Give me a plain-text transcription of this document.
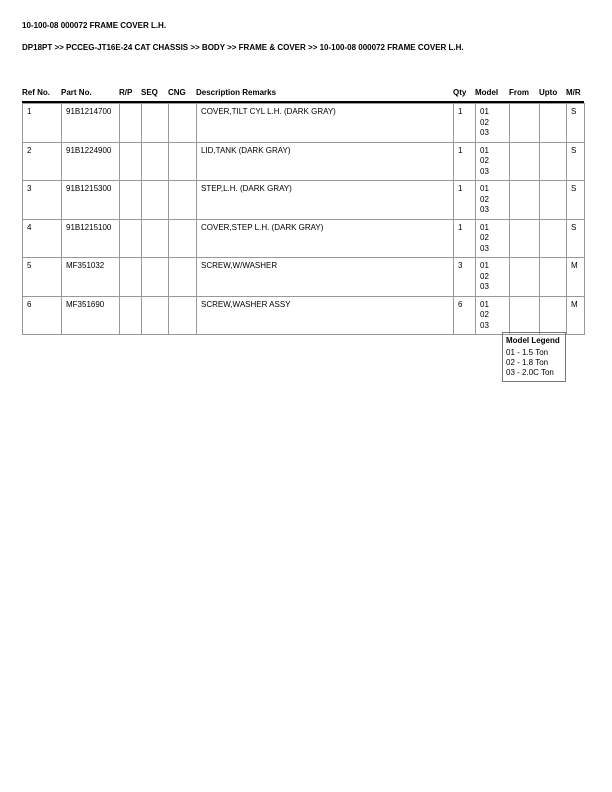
10-100-08 000072 FRAME COVER L.H.
DP18PT >> PCCEG-JT16E-24 CAT CHASSIS >> BODY >> FRAME & COVER >> 10-100-08 000072 FRAME COVER L.H.
Ref No. Part No.	R/P SEQ CNG Description Remarks	Qty Model From Upto M/R
1	91B1214700				COVER,TILT CYL L.H. (DARK GRAY)	1	01
02
03			S
2	91B1224900				LID,TANK (DARK GRAY)	1	01
02
03			S
3	91B1215300				STEP,L.H. (DARK GRAY)	1	01
02
03			S
4	91B1215100				COVER,STEP L.H. (DARK GRAY)	1	01
02
03			S
5	MF351032				SCREW,W/WASHER	3	01
02
03			M
6	MF351690				SCREW,WASHER ASSY	6	01
02
03			M
Model Legend
01 - 1.5 Ton
02 - 1.8 Ton
03 - 2.0C Ton
